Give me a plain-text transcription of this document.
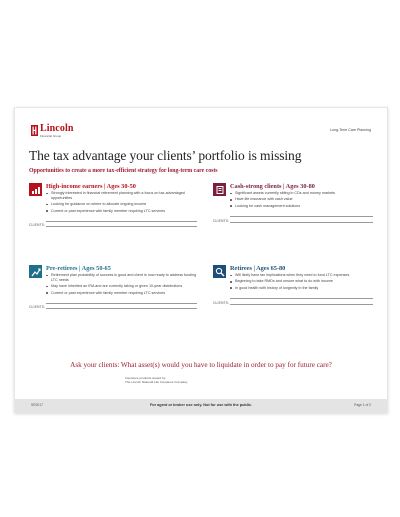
Lincoln
Financial Group
Long-Term Care Planning
The tax advantage your clients’ portfolio is missing

Opportunities to create a more tax-efficient strategy for long-term care costs

High-income earners | Ages 30-50
Strongly interested in financial retirement planning with a focus on tax-advantaged opportunities
Looking for guidance on where to allocate ongoing income
Current or past experience with family member requiring LTC services
CLIENTS:
Cash-strong clients | Ages 30-80
Significant assets currently sitting in CDs and money markets
Have life insurance with cash value
Looking for cash management solutions
CLIENTS:
Pre-retirees | Ages 50-65
Retirement plan probability of success is good and client is now ready to address funding LTC needs
May have inherited an IRA and are currently taking or given 10-year distributions
Current or past experience with family member requiring LTC services
CLIENTS:
Retirees | Ages 65-80
Will likely have tax implications when they need to fund LTC expenses
Beginning to take RMDs and unsure what to do with income
In good health with history of longevity in the family
CLIENTS:

Ask your clients: What asset(s) would you have to liquidate in order to pay for future care?

Insurance products issued by:
The Lincoln National Life Insurance Company
SR2017	For agent or broker use only. Not for use with the public.	Page 1 of 2
